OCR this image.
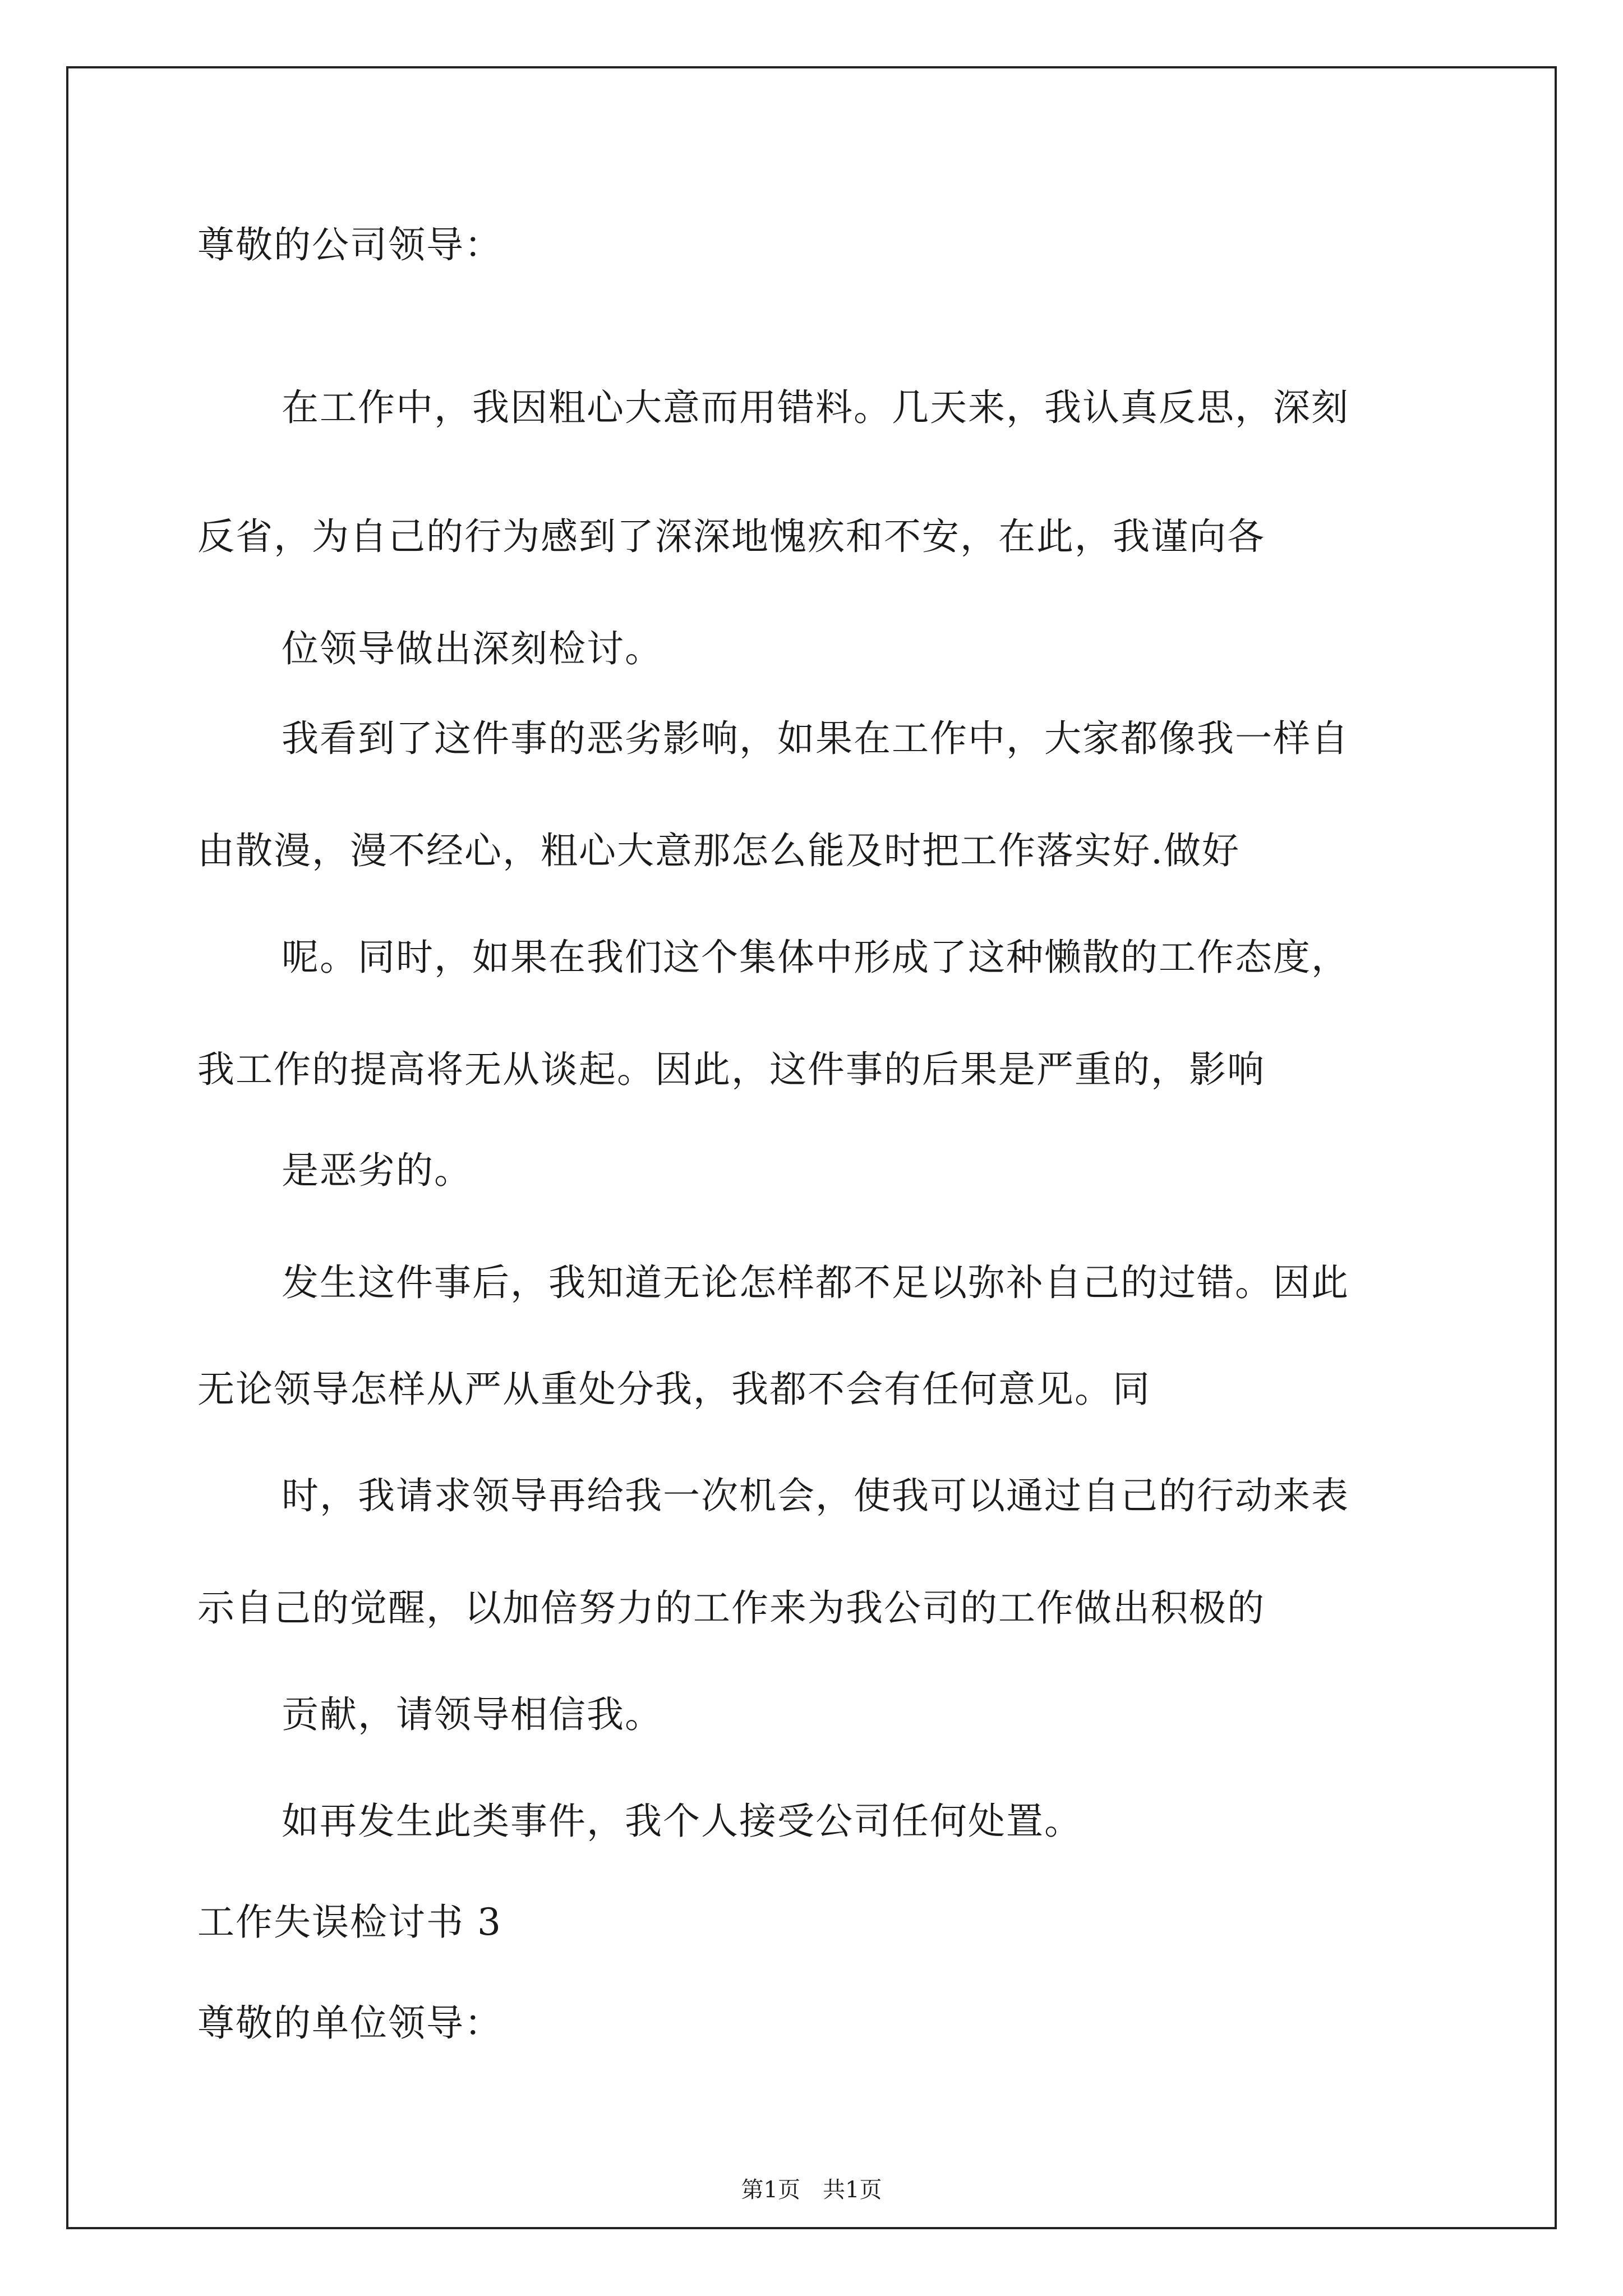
尊敬的公司领导：
在工作中，我因粗心大意而用错料。几天来，我认真反思，深刻
反省，为自己的行为感到了深深地愧疚和不安，在此，我谨向各
位领导做出深刻检讨。
我看到了这件事的恶劣影响，如果在工作中，大家都像我一样自
由散漫，漫不经心，粗心大意那怎么能及时把工作落实好.做好
呢。同时，如果在我们这个集体中形成了这种懒散的工作态度，
我工作的提高将无从谈起。因此，这件事的后果是严重的，影响
是恶劣的。
发生这件事后，我知道无论怎样都不足以弥补自己的过错。因此
无论领导怎样从严从重处分我，我都不会有任何意见。同
时，我请求领导再给我一次机会，使我可以通过自己的行动来表
示自己的觉醒，以加倍努力的工作来为我公司的工作做出积极的
贡献，请领导相信我。
如再发生此类事件，我个人接受公司任何处置。
工作失误检讨书 3
尊敬的单位领导：
第1页 共1页
